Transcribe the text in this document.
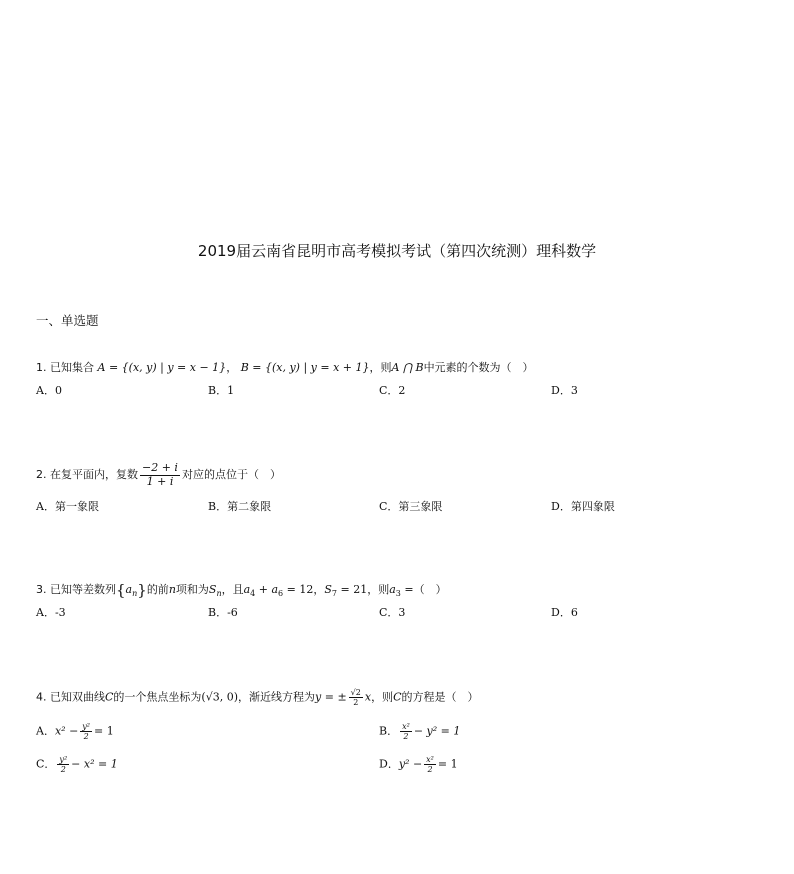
2019届云南省昆明市高考模拟考试（第四次统测）理科数学
一、单选题
1. 已知集合 A = {(x, y) | y = x − 1}， B = {(x, y) | y = x + 1}，则A ⋂ B中元素的个数为（　）
A．0	B．1	C．2	D．3
2. 在复平面内，复数 $\frac{-2 + i}{1 + i}$ 对应的点位于（　）
A．第一象限	B．第二象限	C．第三象限	D．第四象限
3. 已知等差数列$\{a_n\}$的前n项和为$S_n$，且$a_4 + a_6 = 12$，$S_7 = 21$，则$a_3$ =（　）
A．-3	B．-6	C．3	D．6
4. 已知双曲线C的一个焦点坐标为(√3, 0)，渐近线方程为y = ± $\frac{√2}{2}$ x，则C的方程是（　）
A．$x^2 - \frac{\text{y²}}{2} = 1$	B． $\frac{\text{x²}}{2} - y^2 = 1$
C． $\frac{\text{y²}}{2} - x^2 = 1$	D．$y^2 - \frac{\text{x²}}{2} = 1$
